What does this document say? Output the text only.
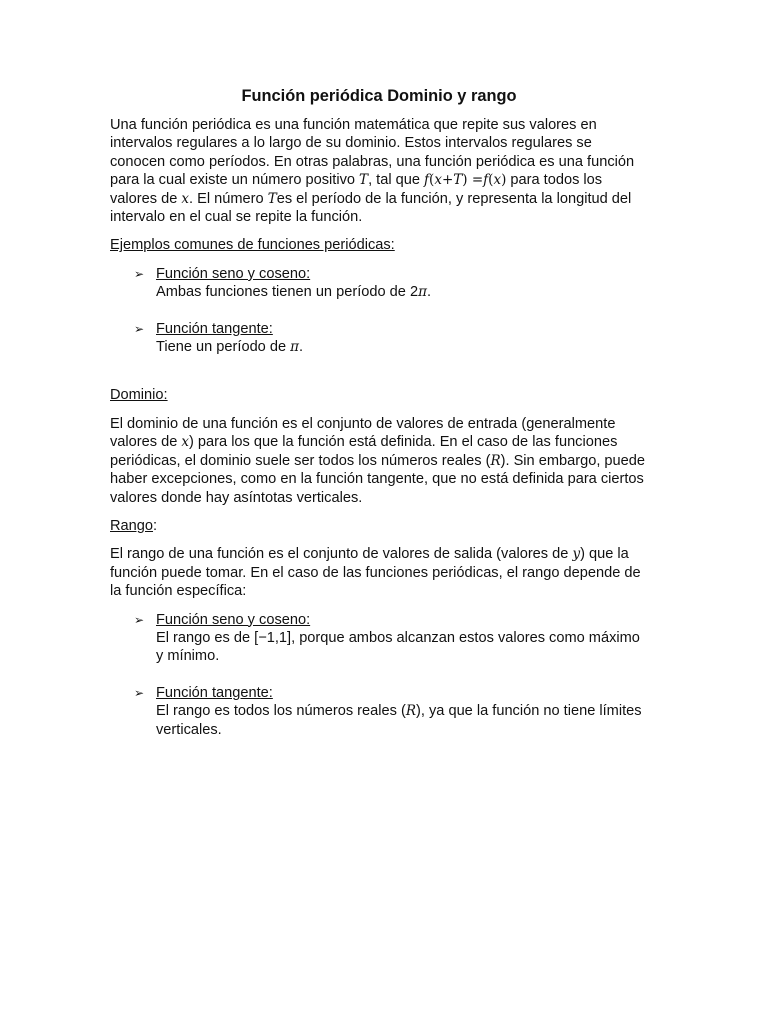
Función periódica Dominio y rango

Una función periódica es una función matemática que repite sus valores en intervalos regulares a lo largo de su dominio. Estos intervalos regulares se conocen como períodos. En otras palabras, una función periódica es una función para la cual existe un número positivo T, tal que f(x+T) =f(x) para todos los valores de x. El número Tes el período de la función, y representa la longitud del intervalo en el cual se repite la función.

Ejemplos comunes de funciones periódicas:
➢ Función seno y coseno:
Ambas funciones tienen un período de 2π.
➢ Función tangente:
Tiene un período de π.
Dominio:

El dominio de una función es el conjunto de valores de entrada (generalmente valores de x) para los que la función está definida. En el caso de las funciones periódicas, el dominio suele ser todos los números reales (R). Sin embargo, puede haber excepciones, como en la función tangente, que no está definida para ciertos valores donde hay asíntotas verticales.

Rango:

El rango de una función es el conjunto de valores de salida (valores de y) que la función puede tomar. En el caso de las funciones periódicas, el rango depende de la función específica:

➢ Función seno y coseno:
El rango es de [−1,1], porque ambos alcanzan estos valores como máximo y mínimo.
➢ Función tangente:
El rango es todos los números reales (R), ya que la función no tiene límites verticales.
